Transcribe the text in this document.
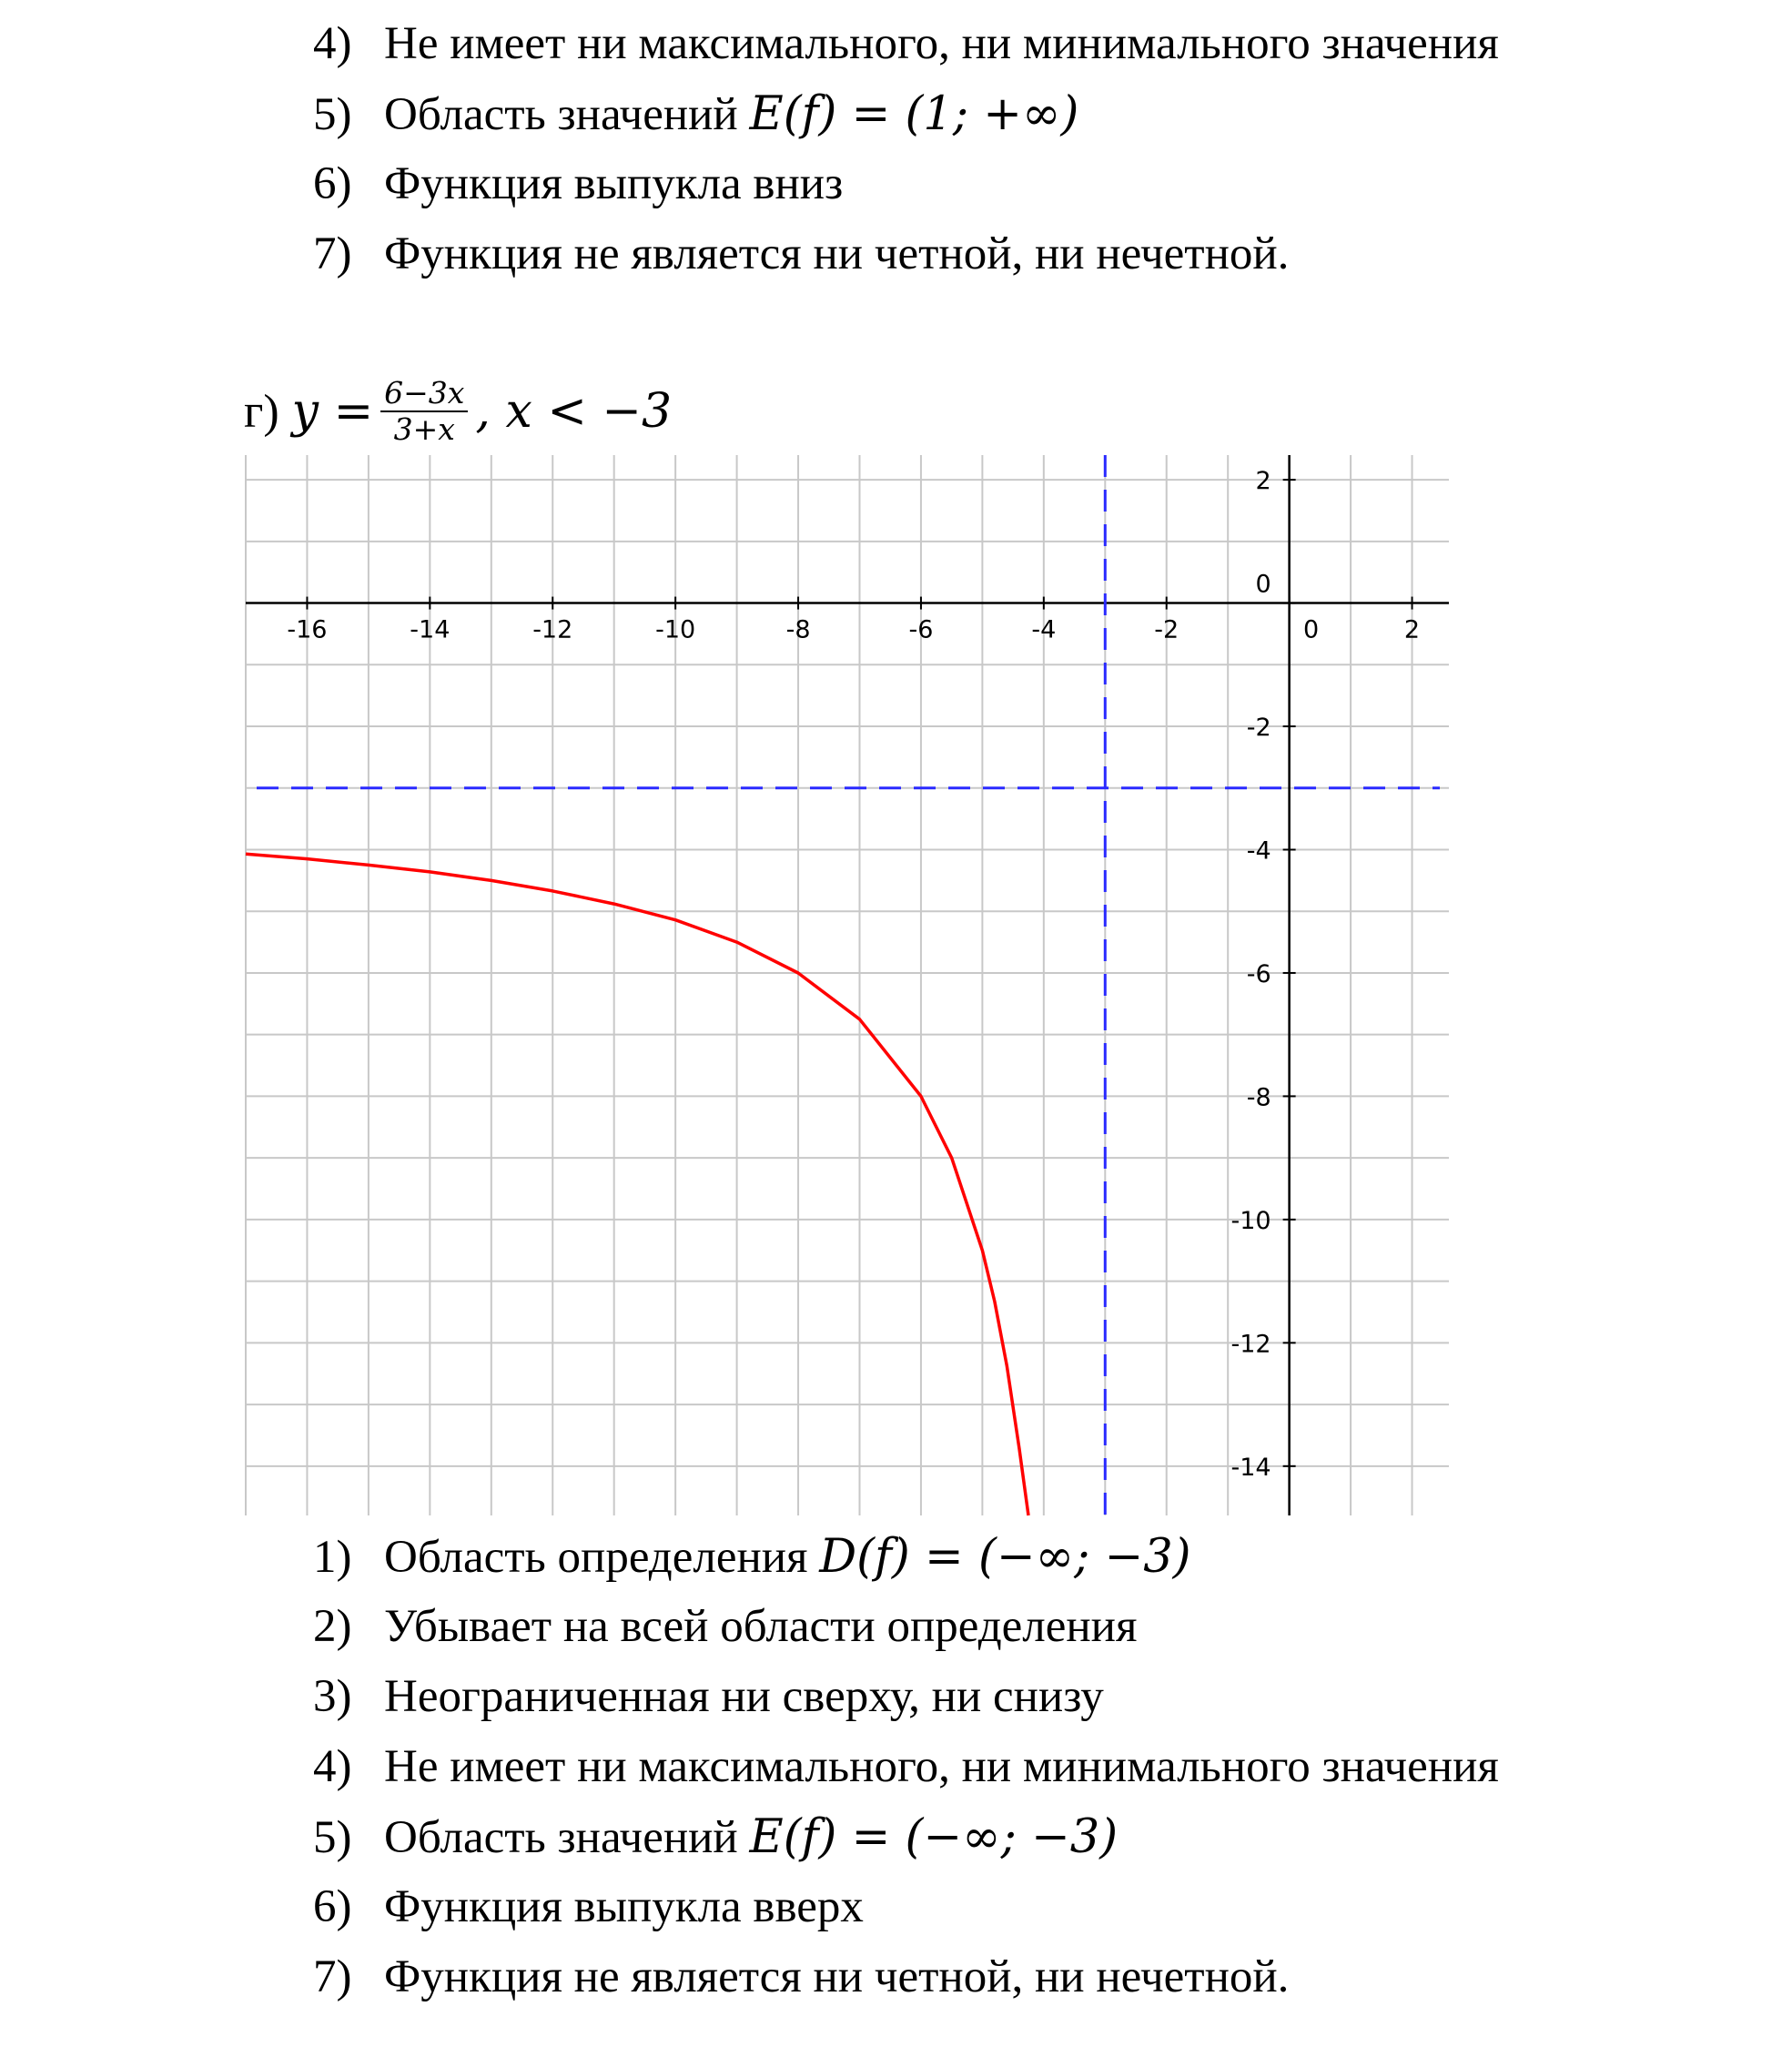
4) Не имеет ни максимального, ни минимального значения
5) Область значений E(f) = (1; +∞)
6) Функция выпукла вниз
7) Функция не является ни четной, ни нечетной.
г) $y = \frac{6-3x}{3+x}$ , x < −3
-16	-14	-12	-10	-8	-6	-4	-2	0	2
2
0
-2
-4
-6
-8
-10
-12
-14
1) Область определения D(f) = (−∞; −3)
2) Убывает на всей области определения
3) Неограниченная ни сверху, ни снизу
4) Не имеет ни максимального, ни минимального значения
5) Область значений E(f) = (−∞; −3)
6) Функция выпукла вверх
7) Функция не является ни четной, ни нечетной.
